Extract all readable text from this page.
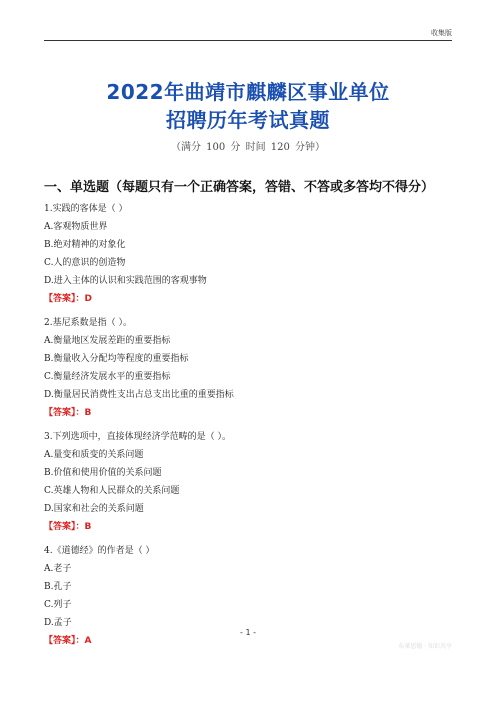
收集版
2022年曲靖市麒麟区事业单位
招聘历年考试真题
（满分 100 分 时间 120 分钟）
一、单选题（每题只有一个正确答案，答错、不答或多答均不得分）
1.实践的客体是（ ）
A.客观物质世界
B.绝对精神的对象化
C.人的意识的创造物
D.进入主体的认识和实践范围的客观事物
【答案】：D
2.基尼系数是指（ ）。
A.衡量地区发展差距的重要指标
B.衡量收入分配均等程度的重要指标
C.衡量经济发展水平的重要指标
D.衡量居民消费性支出占总支出比重的重要指标
【答案】：B
3.下列选项中，直接体现经济学范畴的是（ ）。
A.量变和质变的关系问题
B.价值和使用价值的关系问题
C.英雄人物和人民群众的关系问题
D.国家和社会的关系问题
【答案】：B
4.《道德经》的作者是（ ）
A.老子
B.孔子
C.列子
D.孟子
【答案】：A
- 1 -
布莱恩德 · 知识共享
